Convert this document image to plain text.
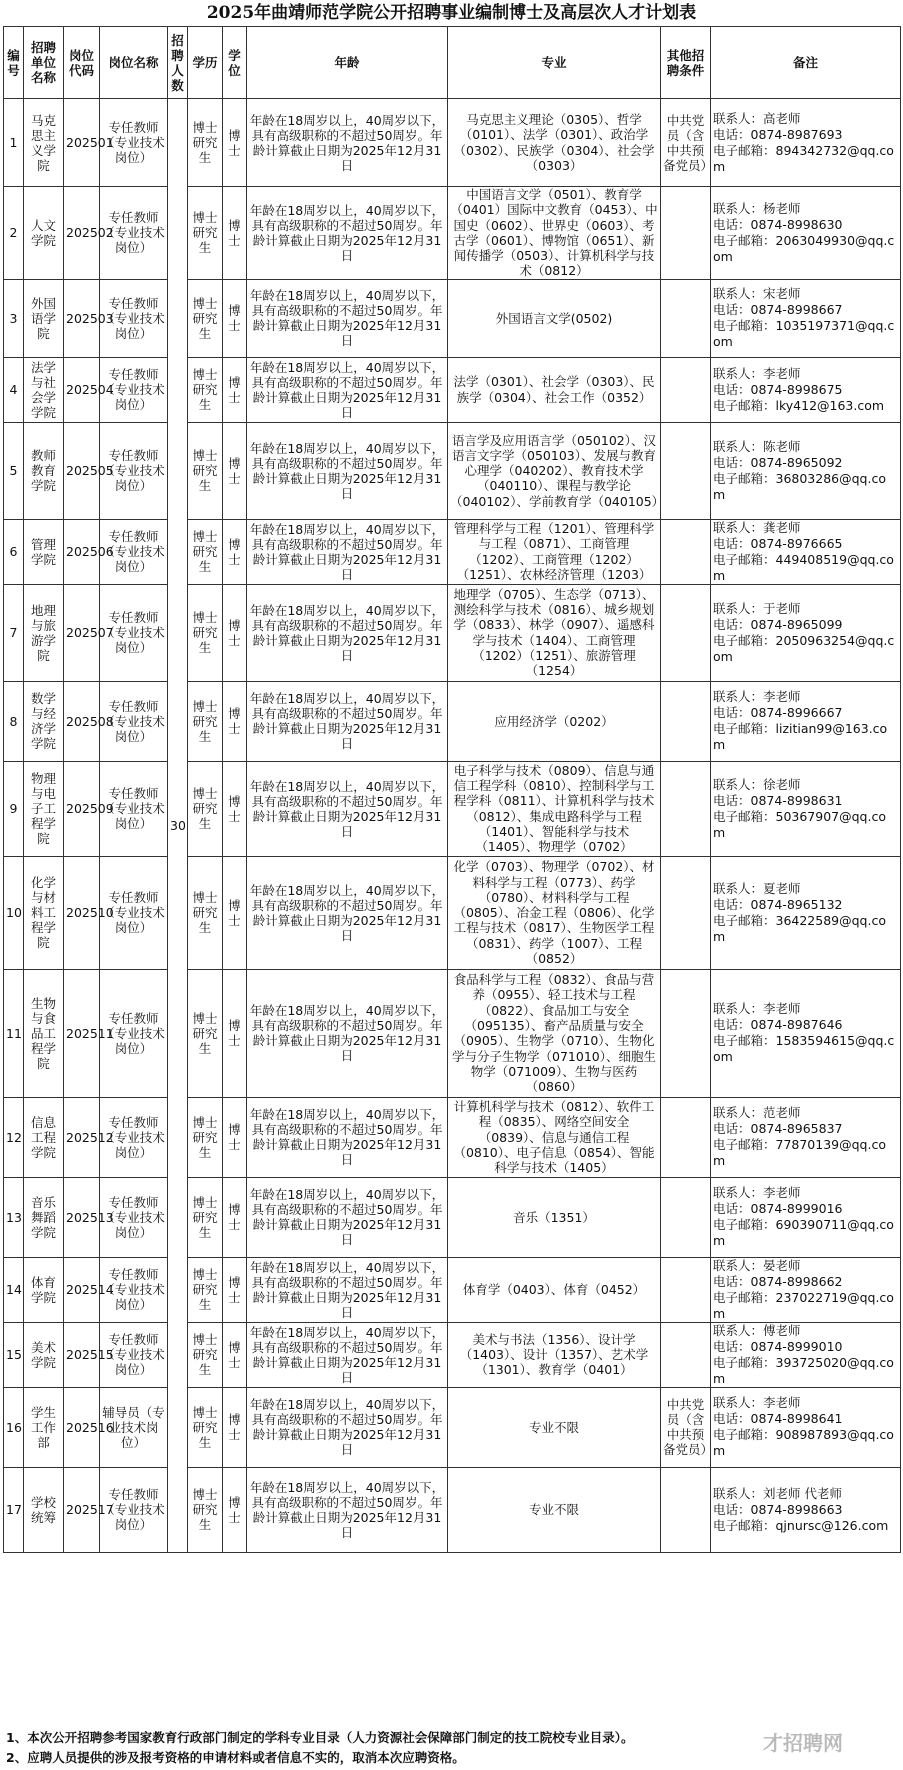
2025年曲靖师范学院公开招聘事业编制博士及高层次人才计划表
编号	招聘单位名称	岗位代码	岗位名称	招聘人数	学历	学位	年龄	专业	其他招聘条件	备注
1	马克思主义学院	202501	专任教师（专业技术岗位）	30	博士研究生	博士	年龄在18周岁以上，40周岁以下，具有高级职称的不超过50周岁。年龄计算截止日期为2025年12月31日	马克思主义理论（0305）、哲学（0101）、法学（0301）、政治学（0302）、民族学（0304）、社会学（0303）	中共党员（含中共预备党员）	联系人：高老师
电话：0874-8987693
电子邮箱：894342732@qq.com
2	人文学院	202502	专任教师（专业技术岗位）		博士研究生	博士	年龄在18周岁以上，40周岁以下，具有高级职称的不超过50周岁。年龄计算截止日期为2025年12月31日	中国语言文学（0501）、教育学（0401）国际中文教育（0453）、中国史（0602）、世界史（0603）、考古学（0601）、博物馆（0651）、新闻传播学（0503）、计算机科学与技术（0812）		联系人：杨老师
电话：0874-8998630
电子邮箱：2063049930@qq.com
3	外国语学院	202503	专任教师（专业技术岗位）		博士研究生	博士	年龄在18周岁以上，40周岁以下，具有高级职称的不超过50周岁。年龄计算截止日期为2025年12月31日	外国语言文学(0502)		联系人：宋老师
电话：0874-8998667
电子邮箱：1035197371@qq.com
4	法学与社会学学院	202504	专任教师（专业技术岗位）		博士研究生	博士	年龄在18周岁以上，40周岁以下，具有高级职称的不超过50周岁。年龄计算截止日期为2025年12月31日	法学（0301）、社会学（0303）、民族学（0304）、社会工作（0352）		联系人：李老师
电话：0874-8998675
电子邮箱：lky412@163.com
5	教师教育学院	202505	专任教师（专业技术岗位）		博士研究生	博士	年龄在18周岁以上，40周岁以下，具有高级职称的不超过50周岁。年龄计算截止日期为2025年12月31日	语言学及应用语言学（050102）、汉语言文字学（050103）、发展与教育心理学（040202）、教育技术学（040110）、课程与教学论（040102）、学前教育学（040105）		联系人：陈老师
电话：0874-8965092
电子邮箱：36803286@qq.com
6	管理学院	202506	专任教师（专业技术岗位）		博士研究生	博士	年龄在18周岁以上，40周岁以下，具有高级职称的不超过50周岁。年龄计算截止日期为2025年12月31日	管理科学与工程（1201）、管理科学与工程（0871）、工商管理（1202）、工商管理（1202）（1251）、农林经济管理（1203）		联系人：龚老师
电话：0874-8976665
电子邮箱：449408519@qq.com
7	地理与旅游学院	202507	专任教师（专业技术岗位）		博士研究生	博士	年龄在18周岁以上，40周岁以下，具有高级职称的不超过50周岁。年龄计算截止日期为2025年12月31日	地理学（0705）、生态学（0713）、测绘科学与技术（0816）、城乡规划学（0833）、林学（0907）、遥感科学与技术（1404）、工商管理（1202）（1251）、旅游管理（1254）		联系人：于老师
电话：0874-8965099
电子邮箱：2050963254@qq.com
8	数学与经济学学院	202508	专任教师（专业技术岗位）		博士研究生	博士	年龄在18周岁以上，40周岁以下，具有高级职称的不超过50周岁。年龄计算截止日期为2025年12月31日	应用经济学（0202）		联系人：李老师
电话：0874-8996667
电子邮箱：lizitian99@163.com
9	物理与电子工程学院	202509	专任教师（专业技术岗位）		博士研究生	博士	年龄在18周岁以上，40周岁以下，具有高级职称的不超过50周岁。年龄计算截止日期为2025年12月31日	电子科学与技术（0809）、信息与通信工程学科（0810）、控制科学与工程学科（0811）、计算机科学与技术（0812）、集成电路科学与工程（1401）、智能科学与技术（1405）、物理学（0702）		联系人：徐老师
电话：0874-8998631
电子邮箱：50367907@qq.com
10	化学与材料工程学院	202510	专任教师（专业技术岗位）		博士研究生	博士	年龄在18周岁以上，40周岁以下，具有高级职称的不超过50周岁。年龄计算截止日期为2025年12月31日	化学（0703）、物理学（0702）、材料科学与工程（0773）、药学（0780）、材料科学与工程（0805）、冶金工程（0806）、化学工程与技术（0817）、生物医学工程（0831）、药学（1007）、工程（0852）		联系人：夏老师
电话：0874-8965132
电子邮箱：36422589@qq.com
11	生物与食品工程学院	202511	专任教师（专业技术岗位）		博士研究生	博士	年龄在18周岁以上，40周岁以下，具有高级职称的不超过50周岁。年龄计算截止日期为2025年12月31日	食品科学与工程（0832）、食品与营养（0955）、轻工技术与工程（0822）、食品加工与安全（095135）、畜产品质量与安全（0905）、生物学（0710）、生物化学与分子生物学（071010）、细胞生物学（071009）、生物与医药（0860）		联系人：李老师
电话：0874-8987646
电子邮箱：1583594615@qq.com
12	信息工程学院	202512	专任教师（专业技术岗位）		博士研究生	博士	年龄在18周岁以上，40周岁以下，具有高级职称的不超过50周岁。年龄计算截止日期为2025年12月31日	计算机科学与技术（0812）、软件工程（0835）、网络空间安全（0839）、信息与通信工程（0810）、电子信息（0854）、智能科学与技术（1405）		联系人：范老师
电话：0874-8965837
电子邮箱：77870139@qq.com
13	音乐舞蹈学院	202513	专任教师（专业技术岗位）		博士研究生	博士	年龄在18周岁以上，40周岁以下，具有高级职称的不超过50周岁。年龄计算截止日期为2025年12月31日	音乐（1351）		联系人：李老师
电话：0874-8999016
电子邮箱：690390711@qq.com
14	体育学院	202514	专任教师（专业技术岗位）		博士研究生	博士	年龄在18周岁以上，40周岁以下，具有高级职称的不超过50周岁。年龄计算截止日期为2025年12月31日	体育学（0403）、体育（0452）		联系人：晏老师
电话：0874-8998662
电子邮箱：237022719@qq.com
15	美术学院	202515	专任教师（专业技术岗位）		博士研究生	博士	年龄在18周岁以上，40周岁以下，具有高级职称的不超过50周岁。年龄计算截止日期为2025年12月31日	美术与书法（1356）、设计学（1403）、设计（1357）、艺术学（1301）、教育学（0401）		联系人：傅老师
电话：0874-8999010
电子邮箱：393725020@qq.com
16	学生工作部	202516	辅导员（专业技术岗位）		博士研究生	博士	年龄在18周岁以上，40周岁以下，具有高级职称的不超过50周岁。年龄计算截止日期为2025年12月31日	专业不限	中共党员（含中共预备党员）	联系人：李老师
电话：0874-8998641
电子邮箱：908987893@qq.com
17	学校统筹	202517	专任教师（专业技术岗位）		博士研究生	博士	年龄在18周岁以上，40周岁以下，具有高级职称的不超过50周岁。年龄计算截止日期为2025年12月31日	专业不限		联系人：刘老师 代老师
电话：0874-8998663
电子邮箱：qjnursc@126.com
1、本次公开招聘参考国家教育行政部门制定的学科专业目录（人力资源社会保障部门制定的技工院校专业目录）。
2、应聘人员提供的涉及报考资格的申请材料或者信息不实的，取消本次应聘资格。
才招聘网
